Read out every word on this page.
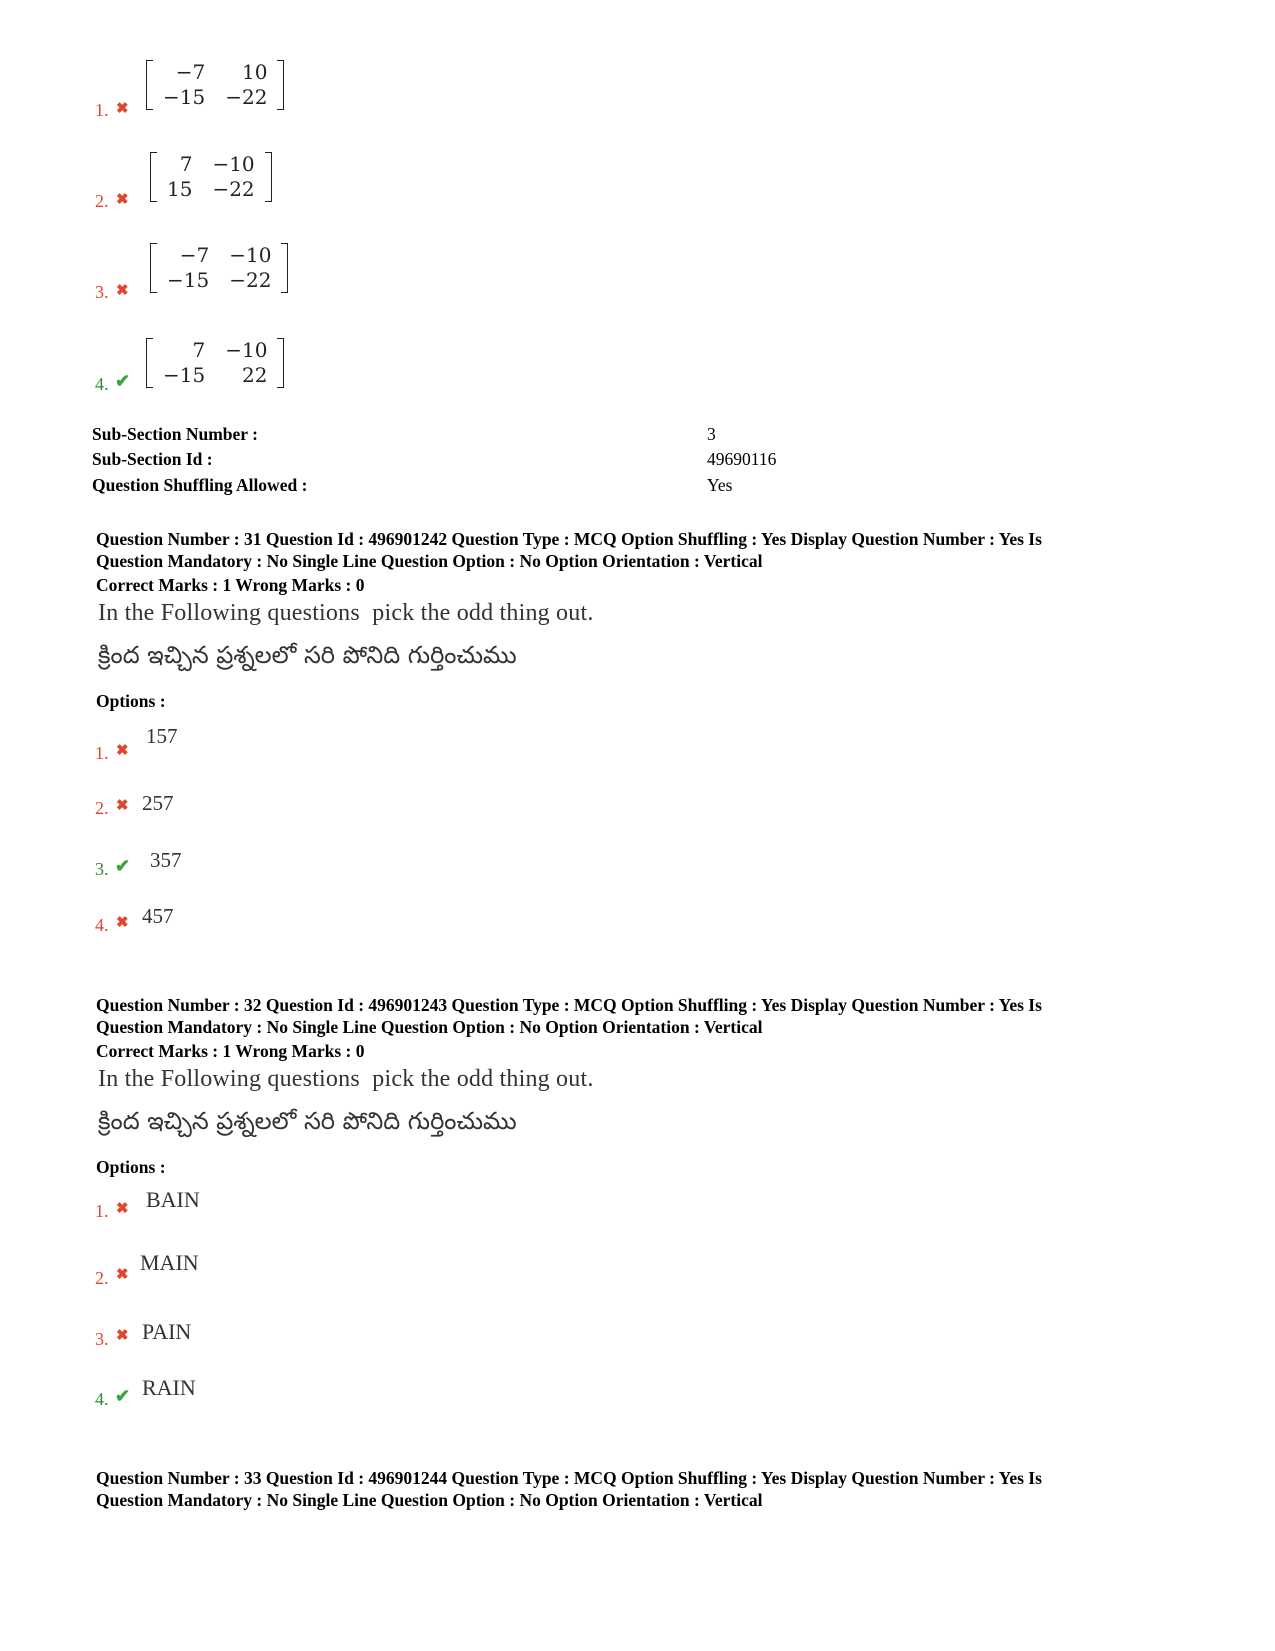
1. ✖
−7	10
−15	−22
2. ✖
7	−10
15	−22
3. ✖
−7	−10
−15	−22
4. ✔
7	−10
−15	22
Sub-Section Number :	3
Sub-Section Id :	49690116
Question Shuffling Allowed :	Yes
Question Number : 31 Question Id : 496901242 Question Type : MCQ Option Shuffling : Yes Display Question Number : Yes Is
Question Mandatory : No Single Line Question Option : No Option Orientation : Vertical
Correct Marks : 1 Wrong Marks : 0
In the Following questions pick the odd thing out.
క్రింద ఇచ్చిన ప్రశ్నలలో సరి పోనిది గుర్తించుము
Options :
1. ✖
157
2. ✖ 257
3. ✔ 357
4. ✖ 457
Question Number : 32 Question Id : 496901243 Question Type : MCQ Option Shuffling : Yes Display Question Number : Yes Is
Question Mandatory : No Single Line Question Option : No Option Orientation : Vertical
Correct Marks : 1 Wrong Marks : 0
In the Following questions pick the odd thing out.
క్రింద ఇచ్చిన ప్రశ్నలలో సరి పోనిది గుర్తించుము
Options :
1. ✖ BAIN
2. ✖ MAIN
3. ✖ PAIN
4. ✔ RAIN
Question Number : 33 Question Id : 496901244 Question Type : MCQ Option Shuffling : Yes Display Question Number : Yes Is
Question Mandatory : No Single Line Question Option : No Option Orientation : Vertical
